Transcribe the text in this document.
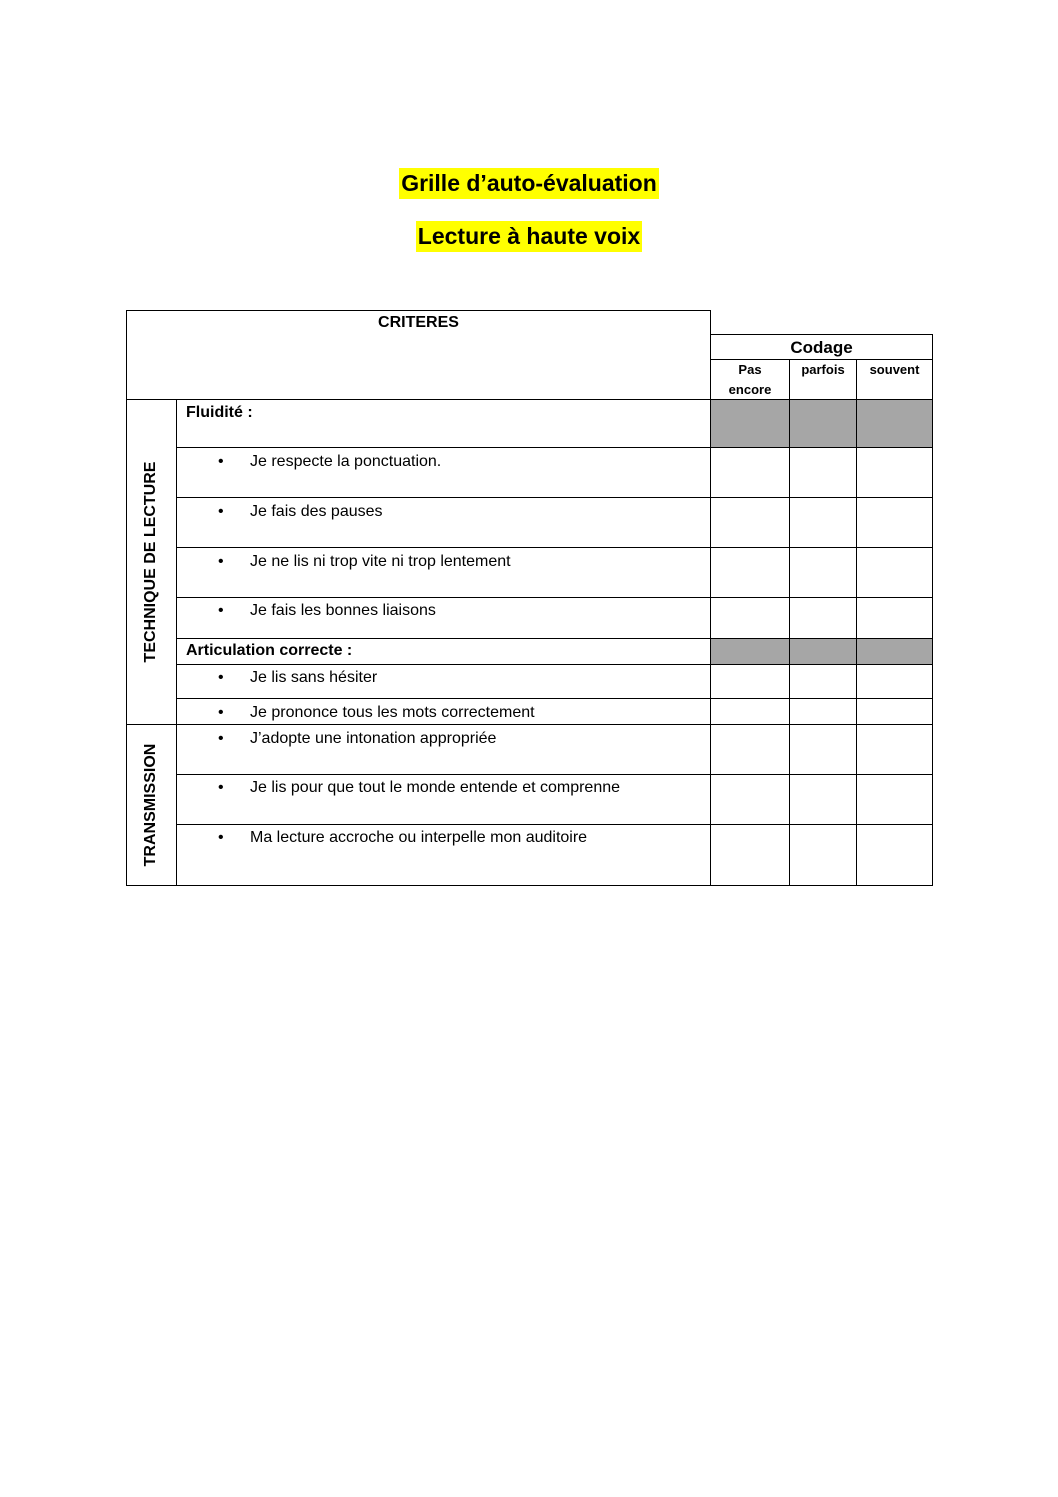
Grille d’auto-évaluation
Lecture à haute voix
CRITERES
Codage
Pas
encore
parfois	souvent
TECHNIQUE DE LECTURE
TRANSMISSION
Fluidité :
Articulation correcte :
• Je respecte la ponctuation.
• Je fais des pauses
• Je ne lis ni trop vite ni trop lentement
• Je fais les bonnes liaisons
• Je lis sans hésiter
• Je prononce tous les mots correctement
• J’adopte une intonation appropriée
• Je lis pour que tout le monde entende et comprenne
• Ma lecture accroche ou interpelle mon auditoire
